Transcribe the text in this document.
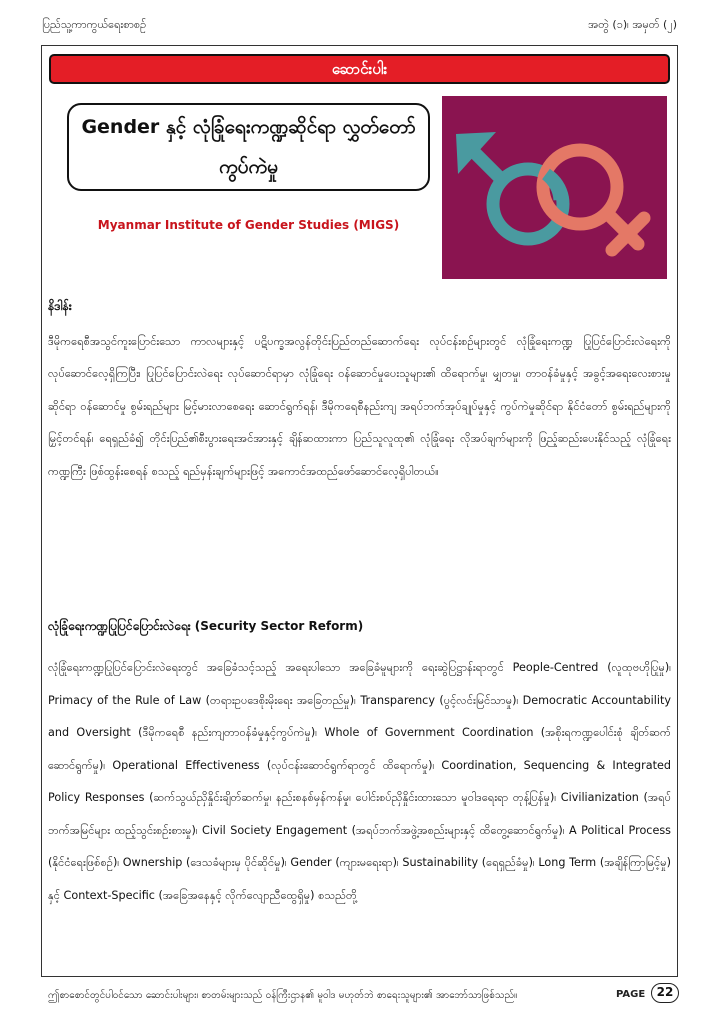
ပြည်သူ့ကာကွယ်ရေးစာစဉ်	အတွဲ (၁)၊ အမှတ် (၂)
ဆောင်းပါး
Gender နှင့် လုံခြုံရေးကဏ္ဍဆိုင်ရာ လွှတ်တော်ကွပ်ကဲမှု
Myanmar Institute of Gender Studies (MIGS)
နိဒါန်း
ဒီမိုကရေစီအသွင်ကူးပြောင်းသော ကာလများနှင့် ပဋိပက္ခအလွန်တိုင်းပြည်တည်ဆောက်ရေး လုပ်ငန်းစဉ်များတွင် လုံခြုံရေးကဏ္ဍ ပြုပြင်ပြောင်းလဲရေးကို လုပ်ဆောင်လေ့ရှိကြပြီး၊ ပြုပြင်ပြောင်းလဲရေး လုပ်ဆောင်ရာမှာ လုံခြုံရေး ဝန်ဆောင်မှုပေးသူများ၏ ထိရောက်မှု၊ မျှတမှု၊ တာဝန်ခံမှုနှင့် အခွင့်အရေးလေးစားမှုဆိုင်ရာ ဝန်ဆောင်မှု စွမ်းရည်များ မြင့်မားလာစေရေး ဆောင်ရွက်ရန်၊ ဒီမိုကရေစီနည်းကျ အရပ်ဘက်အုပ်ချုပ်မှုနှင့် ကွပ်ကဲမှုဆိုင်ရာ နိုင်ငံတော် စွမ်းရည်များကို မြှင့်တင်ရန်၊ ရေရှည်ခံ၍ တိုင်းပြည်၏စီးပွားရေးအင်အားနှင့် ချိန်ဆထားကာ ပြည်သူလူထု၏ လုံခြုံရေး လိုအပ်ချက်များကို ဖြည့်ဆည်းပေးနိုင်သည့် လုံခြုံရေးကဏ္ဍကြီး ဖြစ်ထွန်းစေရန် စသည့် ရည်မှန်းချက်များဖြင့် အကောင်အထည်ဖော်ဆောင်လေ့ရှိပါတယ်။
လုံခြုံရေးကဏ္ဍပြုပြင်ပြောင်းလဲရေး (Security Sector Reform)
လုံခြုံရေးကဏ္ဍပြုပြင်ပြောင်းလဲရေးတွင် အခြေခံသင့်သည့် အရေးပါသော အခြေခံမူများကို ရေးဆွဲပြဋ္ဌာန်းရာတွင် People-Centred (လူထုဗဟိုပြုမှု)၊ Primacy of the Rule of Law (တရားဥပဒေစိုးမိုးရေး အခြေတည်မှု)၊ Transparency (ပွင့်လင်းမြင်သာမှု)၊ Democratic Accountability and Oversight (ဒီမိုကရေစီ နည်းကျတာဝန်ခံမှုနှင့်ကွပ်ကဲမှု)၊ Whole of Government Coordination (အစိုးရကဏ္ဍပေါင်းစုံ ချိတ်ဆက်ဆောင်ရွက်မှု)၊ Operational Effectiveness (လုပ်ငန်းဆောင်ရွက်ရာတွင် ထိရောက်မှု)၊ Coordination, Sequencing & Integrated Policy Responses (ဆက်သွယ်ညှိနှိုင်းချိတ်ဆက်မှု၊ နည်းစနစ်မှန်ကန်မှု၊ ပေါင်းစပ်ညှိနှိုင်းထားသော မူဝါဒရေးရာ တုန့်ပြန်မှု)၊ Civilianization (အရပ်ဘက်အမြင်များ ထည့်သွင်းစဉ်းစားမှု)၊ Civil Society Engagement (အရပ်ဘက်အဖွဲ့အစည်းများနှင့် ထိတွေ့ဆောင်ရွက်မှု)၊ A Political Process (နိုင်ငံရေးဖြစ်စဉ်)၊ Ownership (ဒေသခံများမှ ပိုင်ဆိုင်မှု)၊ Gender (ကျားမရေးရာ)၊ Sustainability (ရေရှည်ခံမှု)၊ Long Term (အချိန်ကြာမြင့်မှု) နှင့် Context-Specific (အခြေအနေနှင့် လိုက်လျောညီထွေရှိမှု) စသည်တို့
ဤစာစောင်တွင်ပါဝင်သော ဆောင်းပါးများ၊ စာတမ်းများသည် ဝန်ကြီးဌာန၏ မူဝါဒ မဟုတ်ဘဲ စာရေးသူများ၏ အာဘော်သာဖြစ်သည်။	PAGE 22
